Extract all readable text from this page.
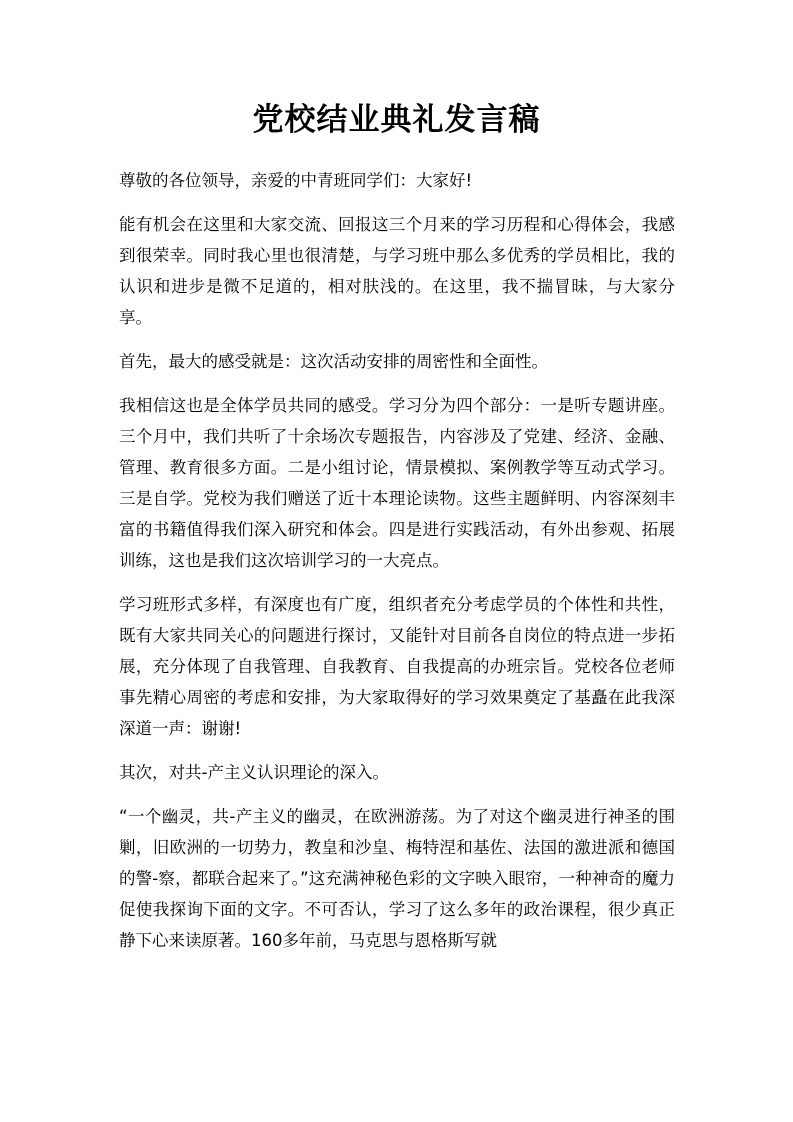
党校结业典礼发言稿

尊敬的各位领导，亲爱的中青班同学们：大家好!

能有机会在这里和大家交流、回报这三个月来的学习历程和心得体会，我感到很荣幸。同时我心里也很清楚，与学习班中那么多优秀的学员相比，我的认识和进步是微不足道的，相对肤浅的。在这里，我不揣冒昧，与大家分享。

首先，最大的感受就是：这次活动安排的周密性和全面性。

我相信这也是全体学员共同的感受。学习分为四个部分：一是听专题讲座。三个月中，我们共听了十余场次专题报告，内容涉及了党建、经济、金融、管理、教育很多方面。二是小组讨论，情景模拟、案例教学等互动式学习。三是自学。党校为我们赠送了近十本理论读物。这些主题鲜明、内容深刻丰富的书籍值得我们深入研究和体会。四是进行实践活动，有外出参观、拓展训练，这也是我们这次培训学习的一大亮点。

学习班形式多样，有深度也有广度，组织者充分考虑学员的个体性和共性，既有大家共同关心的问题进行探讨，又能针对目前各自岗位的特点进一步拓展，充分体现了自我管理、自我教育、自我提高的办班宗旨。党校各位老师事先精心周密的考虑和安排，为大家取得好的学习效果奠定了基矗在此我深深道一声：谢谢!

其次，对共-产主义认识理论的深入。

“一个幽灵，共-产主义的幽灵，在欧洲游荡。为了对这个幽灵进行神圣的围剿，旧欧洲的一切势力，教皇和沙皇、梅特涅和基佐、法国的激进派和德国的警-察，都联合起来了。”这充满神秘色彩的文字映入眼帘，一种神奇的魔力促使我探询下面的文字。不可否认，学习了这么多年的政治课程，很少真正静下心来读原著。160多年前，马克思与恩格斯写就
